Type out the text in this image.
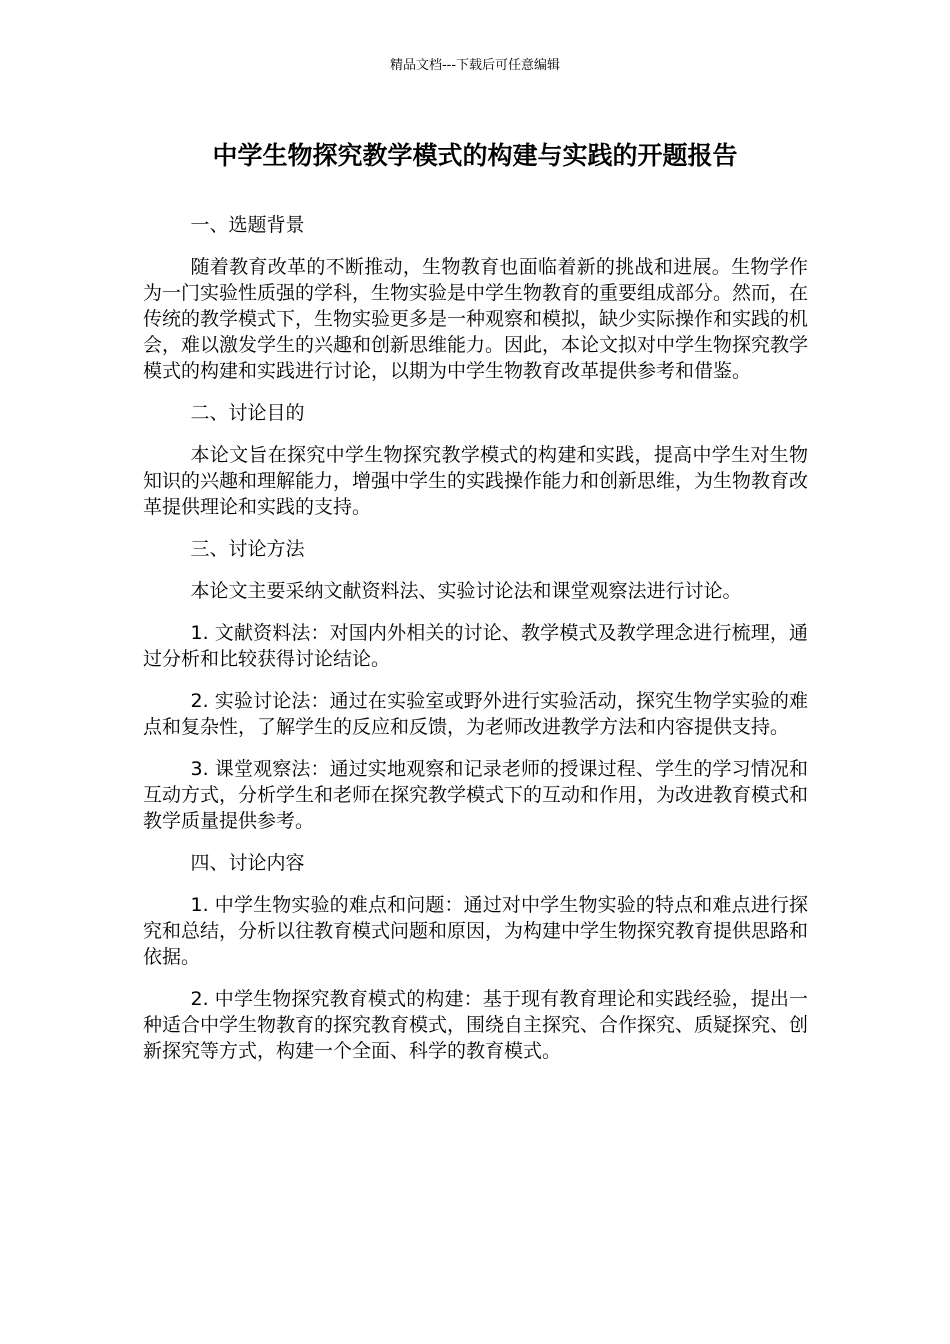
精品文档---下载后可任意编辑
中学生物探究教学模式的构建与实践的开题报告

一、选题背景

随着教育改革的不断推动，生物教育也面临着新的挑战和进展。生物学作为一门实验性质强的学科，生物实验是中学生物教育的重要组成部分。然而，在传统的教学模式下，生物实验更多是一种观察和模拟，缺少实际操作和实践的机会，难以激发学生的兴趣和创新思维能力。因此，本论文拟对中学生物探究教学模式的构建和实践进行讨论，以期为中学生物教育改革提供参考和借鉴。

二、讨论目的

本论文旨在探究中学生物探究教学模式的构建和实践，提高中学生对生物知识的兴趣和理解能力，增强中学生的实践操作能力和创新思维，为生物教育改革提供理论和实践的支持。

三、讨论方法

本论文主要采纳文献资料法、实验讨论法和课堂观察法进行讨论。

1. 文献资料法：对国内外相关的讨论、教学模式及教学理念进行梳理，通过分析和比较获得讨论结论。

2. 实验讨论法：通过在实验室或野外进行实验活动，探究生物学实验的难点和复杂性，了解学生的反应和反馈，为老师改进教学方法和内容提供支持。

3. 课堂观察法：通过实地观察和记录老师的授课过程、学生的学习情况和互动方式，分析学生和老师在探究教学模式下的互动和作用，为改进教育模式和教学质量提供参考。

四、讨论内容

1. 中学生物实验的难点和问题：通过对中学生物实验的特点和难点进行探究和总结，分析以往教育模式问题和原因，为构建中学生物探究教育提供思路和依据。

2. 中学生物探究教育模式的构建：基于现有教育理论和实践经验，提出一种适合中学生物教育的探究教育模式，围绕自主探究、合作探究、质疑探究、创新探究等方式，构建一个全面、科学的教育模式。
